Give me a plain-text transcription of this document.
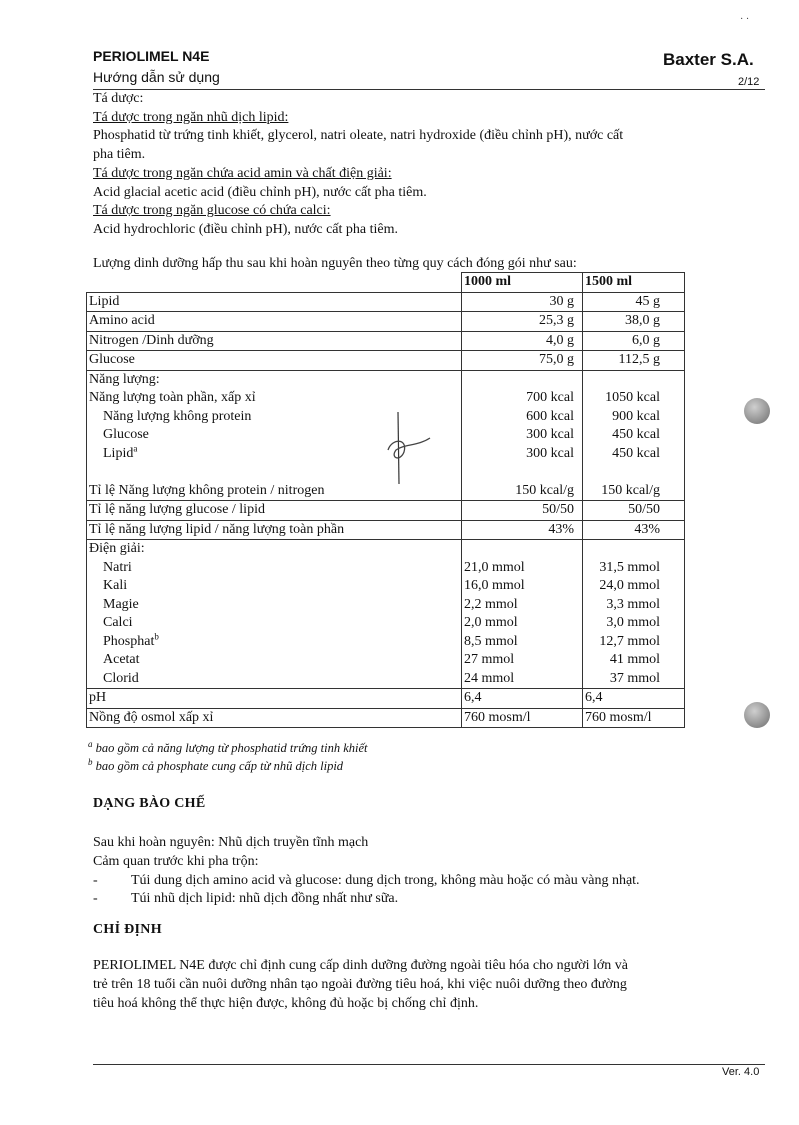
· ·
PERIOLIMEL N4E
Hướng dẫn sử dụng
Baxter S.A.
2/12

Tá dược:

Tá dược trong ngăn nhũ dịch lipid:

Phosphatid từ trứng tinh khiết, glycerol, natri oleate, natri hydroxide (điều chỉnh pH), nước cất

pha tiêm.

Tá dược trong ngăn chứa acid amin và chất điện giải:

Acid glacial acetic acid (điều chỉnh pH), nước cất pha tiêm.

Tá dược trong ngăn glucose có chứa calci:

Acid hydrochloric (điều chỉnh pH), nước cất pha tiêm.

Lượng dinh dưỡng hấp thu sau khi hoàn nguyên theo từng quy cách đóng gói như sau:
	1000 ml	1500 ml
Lipid	30 g	45 g
Amino acid	25,3 g	38,0 g
Nitrogen /Dinh dưỡng	4,0 g	6,0 g
Glucose	75,0 g	112,5 g
Năng lượng:		
Năng lượng toàn phần, xấp xỉ	700 kcal	1050 kcal
Năng lượng không protein	600 kcal	900 kcal
Glucose	300 kcal	450 kcal
Lipid$^a$	300 kcal	450 kcal

Tỉ lệ Năng lượng không protein / nitrogen	150 kcal/g	150 kcal/g
Tỉ lệ năng lượng glucose / lipid	50/50	50/50
Tỉ lệ năng lượng lipid / năng lượng toàn phần	43%	43%
Điện giải:		
Natri	21,0 mmol	31,5 mmol
Kali	16,0 mmol	24,0 mmol
Magie	2,2 mmol	3,3 mmol
Calci	2,0 mmol	3,0 mmol
Phosphat$^b$	8,5 mmol	12,7 mmol
Acetat	27 mmol	41 mmol
Clorid	24 mmol	37 mmol
pH	6,4	6,4
Nồng độ osmol xấp xỉ	760 mosm/l	760 mosm/l
$^a$ bao gồm cả năng lượng từ phosphatid trứng tinh khiết
$^b$ bao gồm cả phosphate cung cấp từ nhũ dịch lipid
DẠNG BÀO CHẾ

Sau khi hoàn nguyên: Nhũ dịch truyền tĩnh mạch

Cảm quan trước khi pha trộn:

- Túi dung dịch amino acid và glucose: dung dịch trong, không màu hoặc có màu vàng nhạt.

- Túi nhũ dịch lipid: nhũ dịch đồng nhất như sữa.

CHỈ ĐỊNH

PERIOLIMEL N4E được chỉ định cung cấp dinh dưỡng đường ngoài tiêu hóa cho người lớn và

trẻ trên 18 tuổi cần nuôi dưỡng nhân tạo ngoài đường tiêu hoá, khi việc nuôi dưỡng theo đường

tiêu hoá không thể thực hiện được, không đủ hoặc bị chống chỉ định.

Ver. 4.0
